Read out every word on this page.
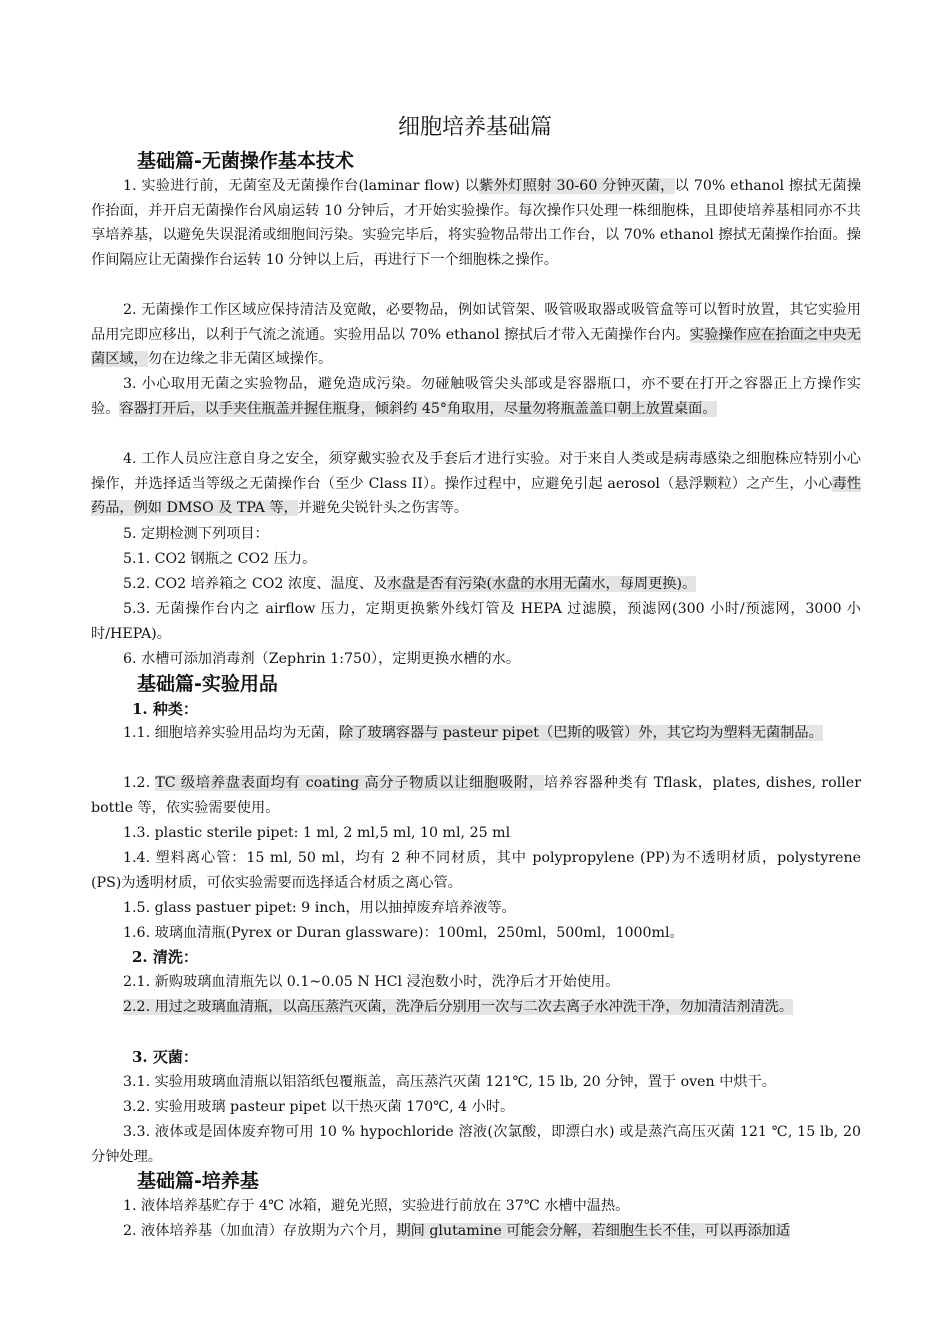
细胞培养基础篇
基础篇-无菌操作基本技术
1. 实验进行前，无菌室及无菌操作台(laminar flow) 以紫外灯照射 30-60 分钟灭菌，以 70% ethanol 擦拭无菌操作抬面，并开启无菌操作台风扇运转 10 分钟后，才开始实验操作。每次操作只处理一株细胞株，且即使培养基相同亦不共享培养基，以避免失误混淆或细胞间污染。实验完毕后，将实验物品带出工作台，以 70% ethanol 擦拭无菌操作抬面。操作间隔应让无菌操作台运转 10 分钟以上后，再进行下一个细胞株之操作。
2. 无菌操作工作区域应保持清洁及宽敞，必要物品，例如试管架、吸管吸取器或吸管盒等可以暂时放置，其它实验用品用完即应移出，以利于气流之流通。实验用品以 70% ethanol 擦拭后才带入无菌操作台内。实验操作应在抬面之中央无菌区域，勿在边缘之非无菌区域操作。
3. 小心取用无菌之实验物品，避免造成污染。勿碰触吸管尖头部或是容器瓶口，亦不要在打开之容器正上方操作实验。容器打开后，以手夹住瓶盖并握住瓶身，倾斜约 45°角取用，尽量勿将瓶盖盖口朝上放置桌面。
4. 工作人员应注意自身之安全，须穿戴实验衣及手套后才进行实验。对于来自人类或是病毒感染之细胞株应特别小心操作，并选择适当等级之无菌操作台（至少 Class II）。操作过程中，应避免引起 aerosol（悬浮颗粒）之产生，小心毒性药品，例如 DMSO 及 TPA 等，并避免尖锐针头之伤害等。
5. 定期检测下列项目：
5.1. CO2 钢瓶之 CO2 压力。
5.2. CO2 培养箱之 CO2 浓度、温度、及水盘是否有污染(水盘的水用无菌水，每周更换)。
5.3. 无菌操作台内之 airflow 压力，定期更换紫外线灯管及 HEPA 过滤膜，预滤网(300 小时/预滤网，3000 小时/HEPA)。
6. 水槽可添加消毒剂（Zephrin 1:750），定期更换水槽的水。
基础篇-实验用品
1. 种类：
1.1. 细胞培养实验用品均为无菌，除了玻璃容器与 pasteur pipet（巴斯的吸管）外，其它均为塑料无菌制品。
1.2. TC 级培养盘表面均有 coating 高分子物质以让细胞吸附，培养容器种类有 Tflask，plates, dishes, roller bottle 等，依实验需要使用。
1.3. plastic sterile pipet: 1 ml, 2 ml,5 ml, 10 ml, 25 ml
1.4. 塑料离心管：15 ml, 50 ml，均有 2 种不同材质，其中 polypropylene (PP)为不透明材质，polystyrene (PS)为透明材质，可依实验需要而选择适合材质之离心管。
1.5. glass pastuer pipet: 9 inch，用以抽掉废弃培养液等。
1.6. 玻璃血清瓶(Pyrex or Duran glassware)：100ml，250ml，500ml，1000ml。
2. 清洗：
2.1. 新购玻璃血清瓶先以 0.1~0.05 N HCl 浸泡数小时，洗净后才开始使用。
2.2. 用过之玻璃血清瓶，以高压蒸汽灭菌，洗净后分别用一次与二次去离子水冲洗干净，勿加清洁剂清洗。
3. 灭菌：
3.1. 实验用玻璃血清瓶以铝箔纸包覆瓶盖，高压蒸汽灭菌 121℃, 15 lb, 20 分钟，置于 oven 中烘干。
3.2. 实验用玻璃 pasteur pipet 以干热灭菌 170℃, 4 小时。
3.3. 液体或是固体废弃物可用 10 % hypochloride 溶液(次氯酸，即漂白水) 或是蒸汽高压灭菌 121 ℃, 15 lb, 20 分钟处理。
基础篇-培养基
1. 液体培养基贮存于 4℃ 冰箱，避免光照，实验进行前放在 37℃ 水槽中温热。
2. 液体培养基（加血清）存放期为六个月，期间 glutamine 可能会分解，若细胞生长不佳，可以再添加适
